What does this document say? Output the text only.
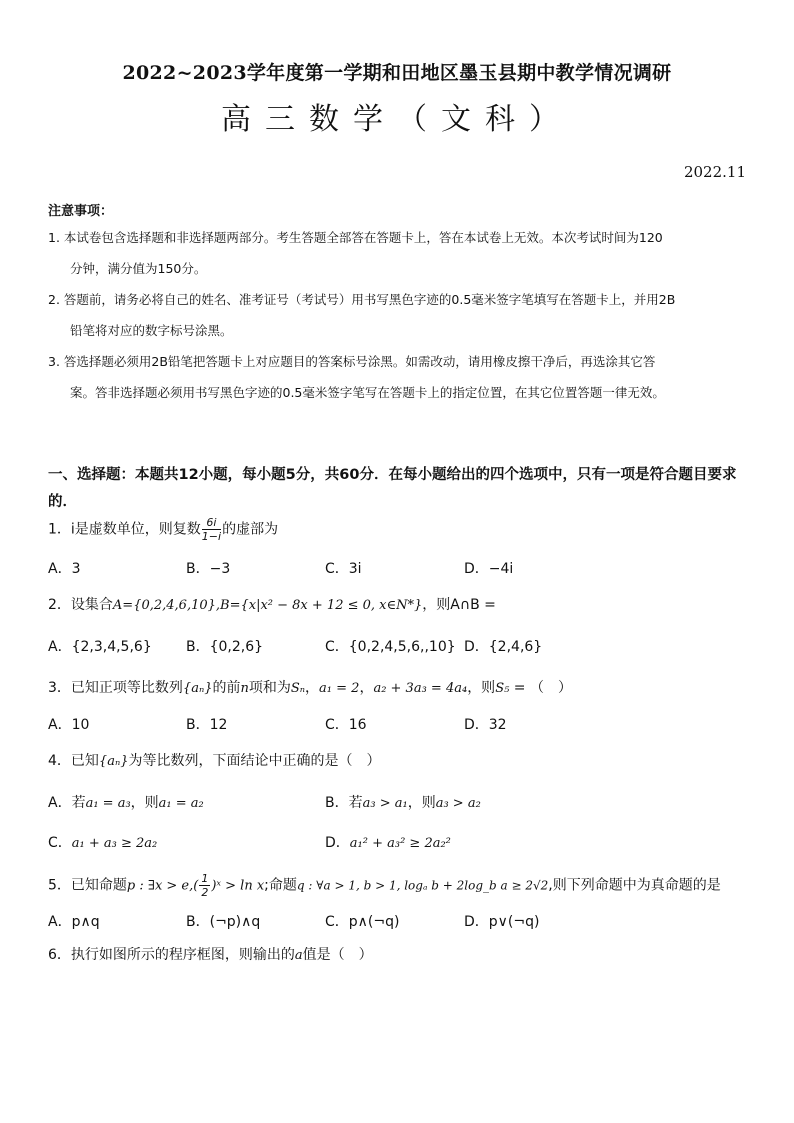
2022~2023学年度第一学期和田地区墨玉县期中教学情况调研
高三数学（文科）
2022.11
注意事项：
1. 本试卷包含选择题和非选择题两部分。考生答题全部答在答题卡上，答在本试卷上无效。本次考试时间为120
分钟，满分值为150分。
2. 答题前，请务必将自己的姓名、准考证号（考试号）用书写黑色字迹的0.5毫米签字笔填写在答题卡上，并用2B
铅笔将对应的数字标号涂黑。
3. 答选择题必须用2B铅笔把答题卡上对应题目的答案标号涂黑。如需改动，请用橡皮擦干净后，再选涂其它答
案。答非选择题必须用书写黑色字迹的0.5毫米签字笔写在答题卡上的指定位置，在其它位置答题一律无效。
一、选择题：本题共12小题，每小题5分，共60分．在每小题给出的四个选项中，只有一项是符合题目要求的．
1．i是虚数单位，则复数 $\frac{6i}{1-i}$ 的虚部为
A．3	B．−3	C．3i	D．−4i
2．设集合A={0,2,4,6,10},B={x|x² − 8x + 12 ≤ 0, x∈N*}，则A∩B =
A．{2,3,4,5,6} B．{0,2,6}	C．{0,2,4,5,6,,10} D．{2,4,6}
3．已知正项等比数列{aₙ}的前n项和为Sₙ，a₁ = 2，a₂ + 3a₃ = 4a₄，则S₅ = （　）
A．10	B．12	C．16	D．32
4．已知{aₙ}为等比数列，下面结论中正确的是（　）
A．若a₁ = a₃，则a₁ = a₂	B．若a₃ > a₁，则a₃ > a₂
C．a₁ + a₃ ≥ 2a₂	D．a₁² + a₃² ≥ 2a₂²
5．已知命题p : ∃x > $e,( \frac{1}{2}$ )ˣ > ln x;命题q : ∀a > 1, b > 1, logₐ b + 2log_b a ≥ 2√2,则下列命题中为真命题的是
A．p∧q	B．(¬p)∧q	C．p∧(¬q)	D．p∨(¬q)
6．执行如图所示的程序框图，则输出的a值是（　）
